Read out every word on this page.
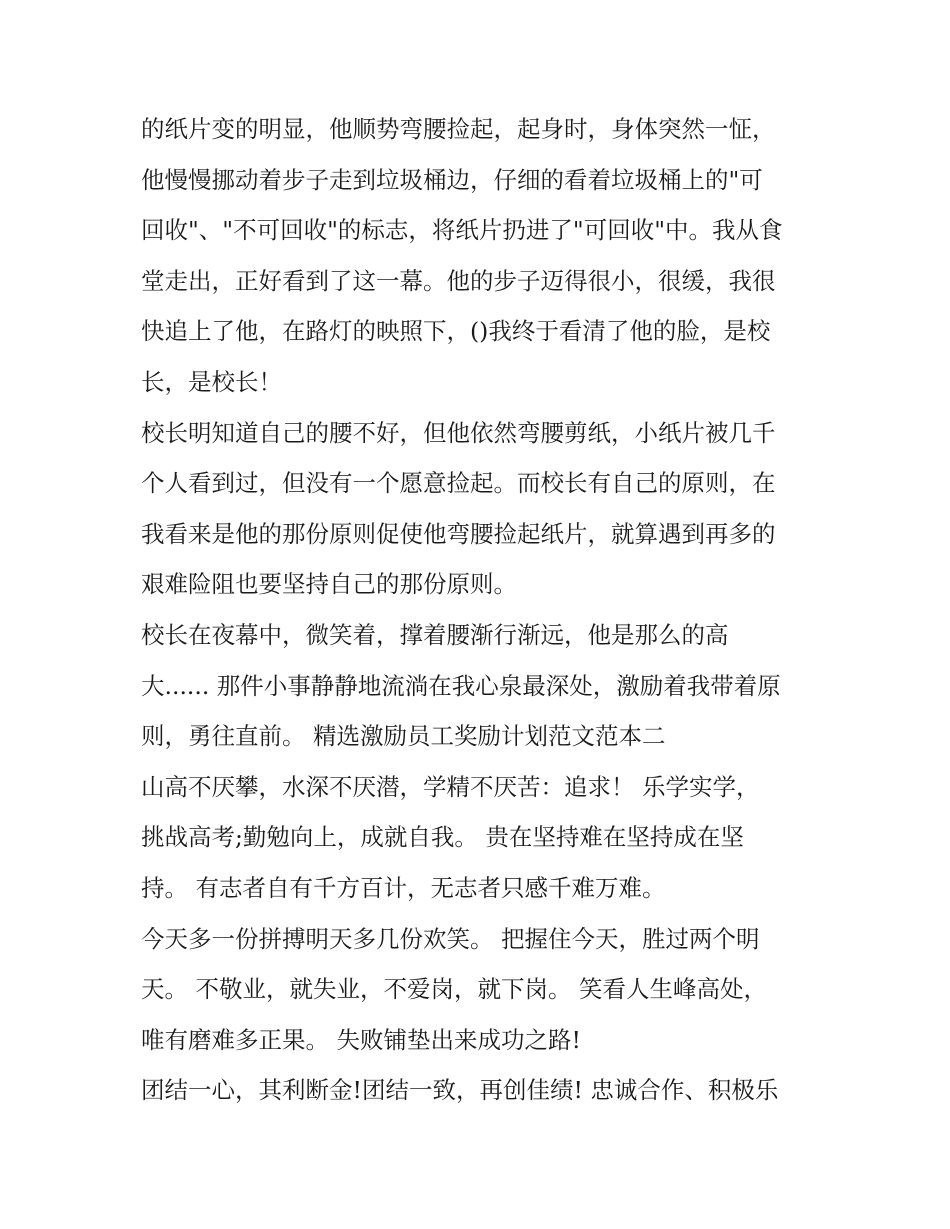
的纸片变的明显，他顺势弯腰捡起，起身时，身体突然一怔，
他慢慢挪动着步子走到垃圾桶边，仔细的看着垃圾桶上的"可
回收"、"不可回收"的标志，将纸片扔进了"可回收"中。我从食
堂走出，正好看到了这一幕。他的步子迈得很小，很缓，我很
快追上了他，在路灯的映照下，()我终于看清了他的脸，是校
长，是校长！
校长明知道自己的腰不好，但他依然弯腰剪纸，小纸片被几千
个人看到过，但没有一个愿意捡起。而校长有自己的原则，在
我看来是他的那份原则促使他弯腰捡起纸片，就算遇到再多的
艰难险阻也要坚持自己的那份原则。
校长在夜幕中，微笑着，撑着腰渐行渐远，他是那么的高
大...... 那件小事静静地流淌在我心泉最深处，激励着我带着原
则，勇往直前。 精选激励员工奖励计划范文范本二
山高不厌攀，水深不厌潜，学精不厌苦：追求！ 乐学实学，
挑战高考;勤勉向上，成就自我。 贵在坚持难在坚持成在坚
持。 有志者自有千方百计，无志者只感千难万难。
今天多一份拼搏明天多几份欢笑。 把握住今天，胜过两个明
天。 不敬业，就失业，不爱岗，就下岗。 笑看人生峰高处，
唯有磨难多正果。 失败铺垫出来成功之路!
团结一心，其利断金!团结一致，再创佳绩! 忠诚合作、积极乐
